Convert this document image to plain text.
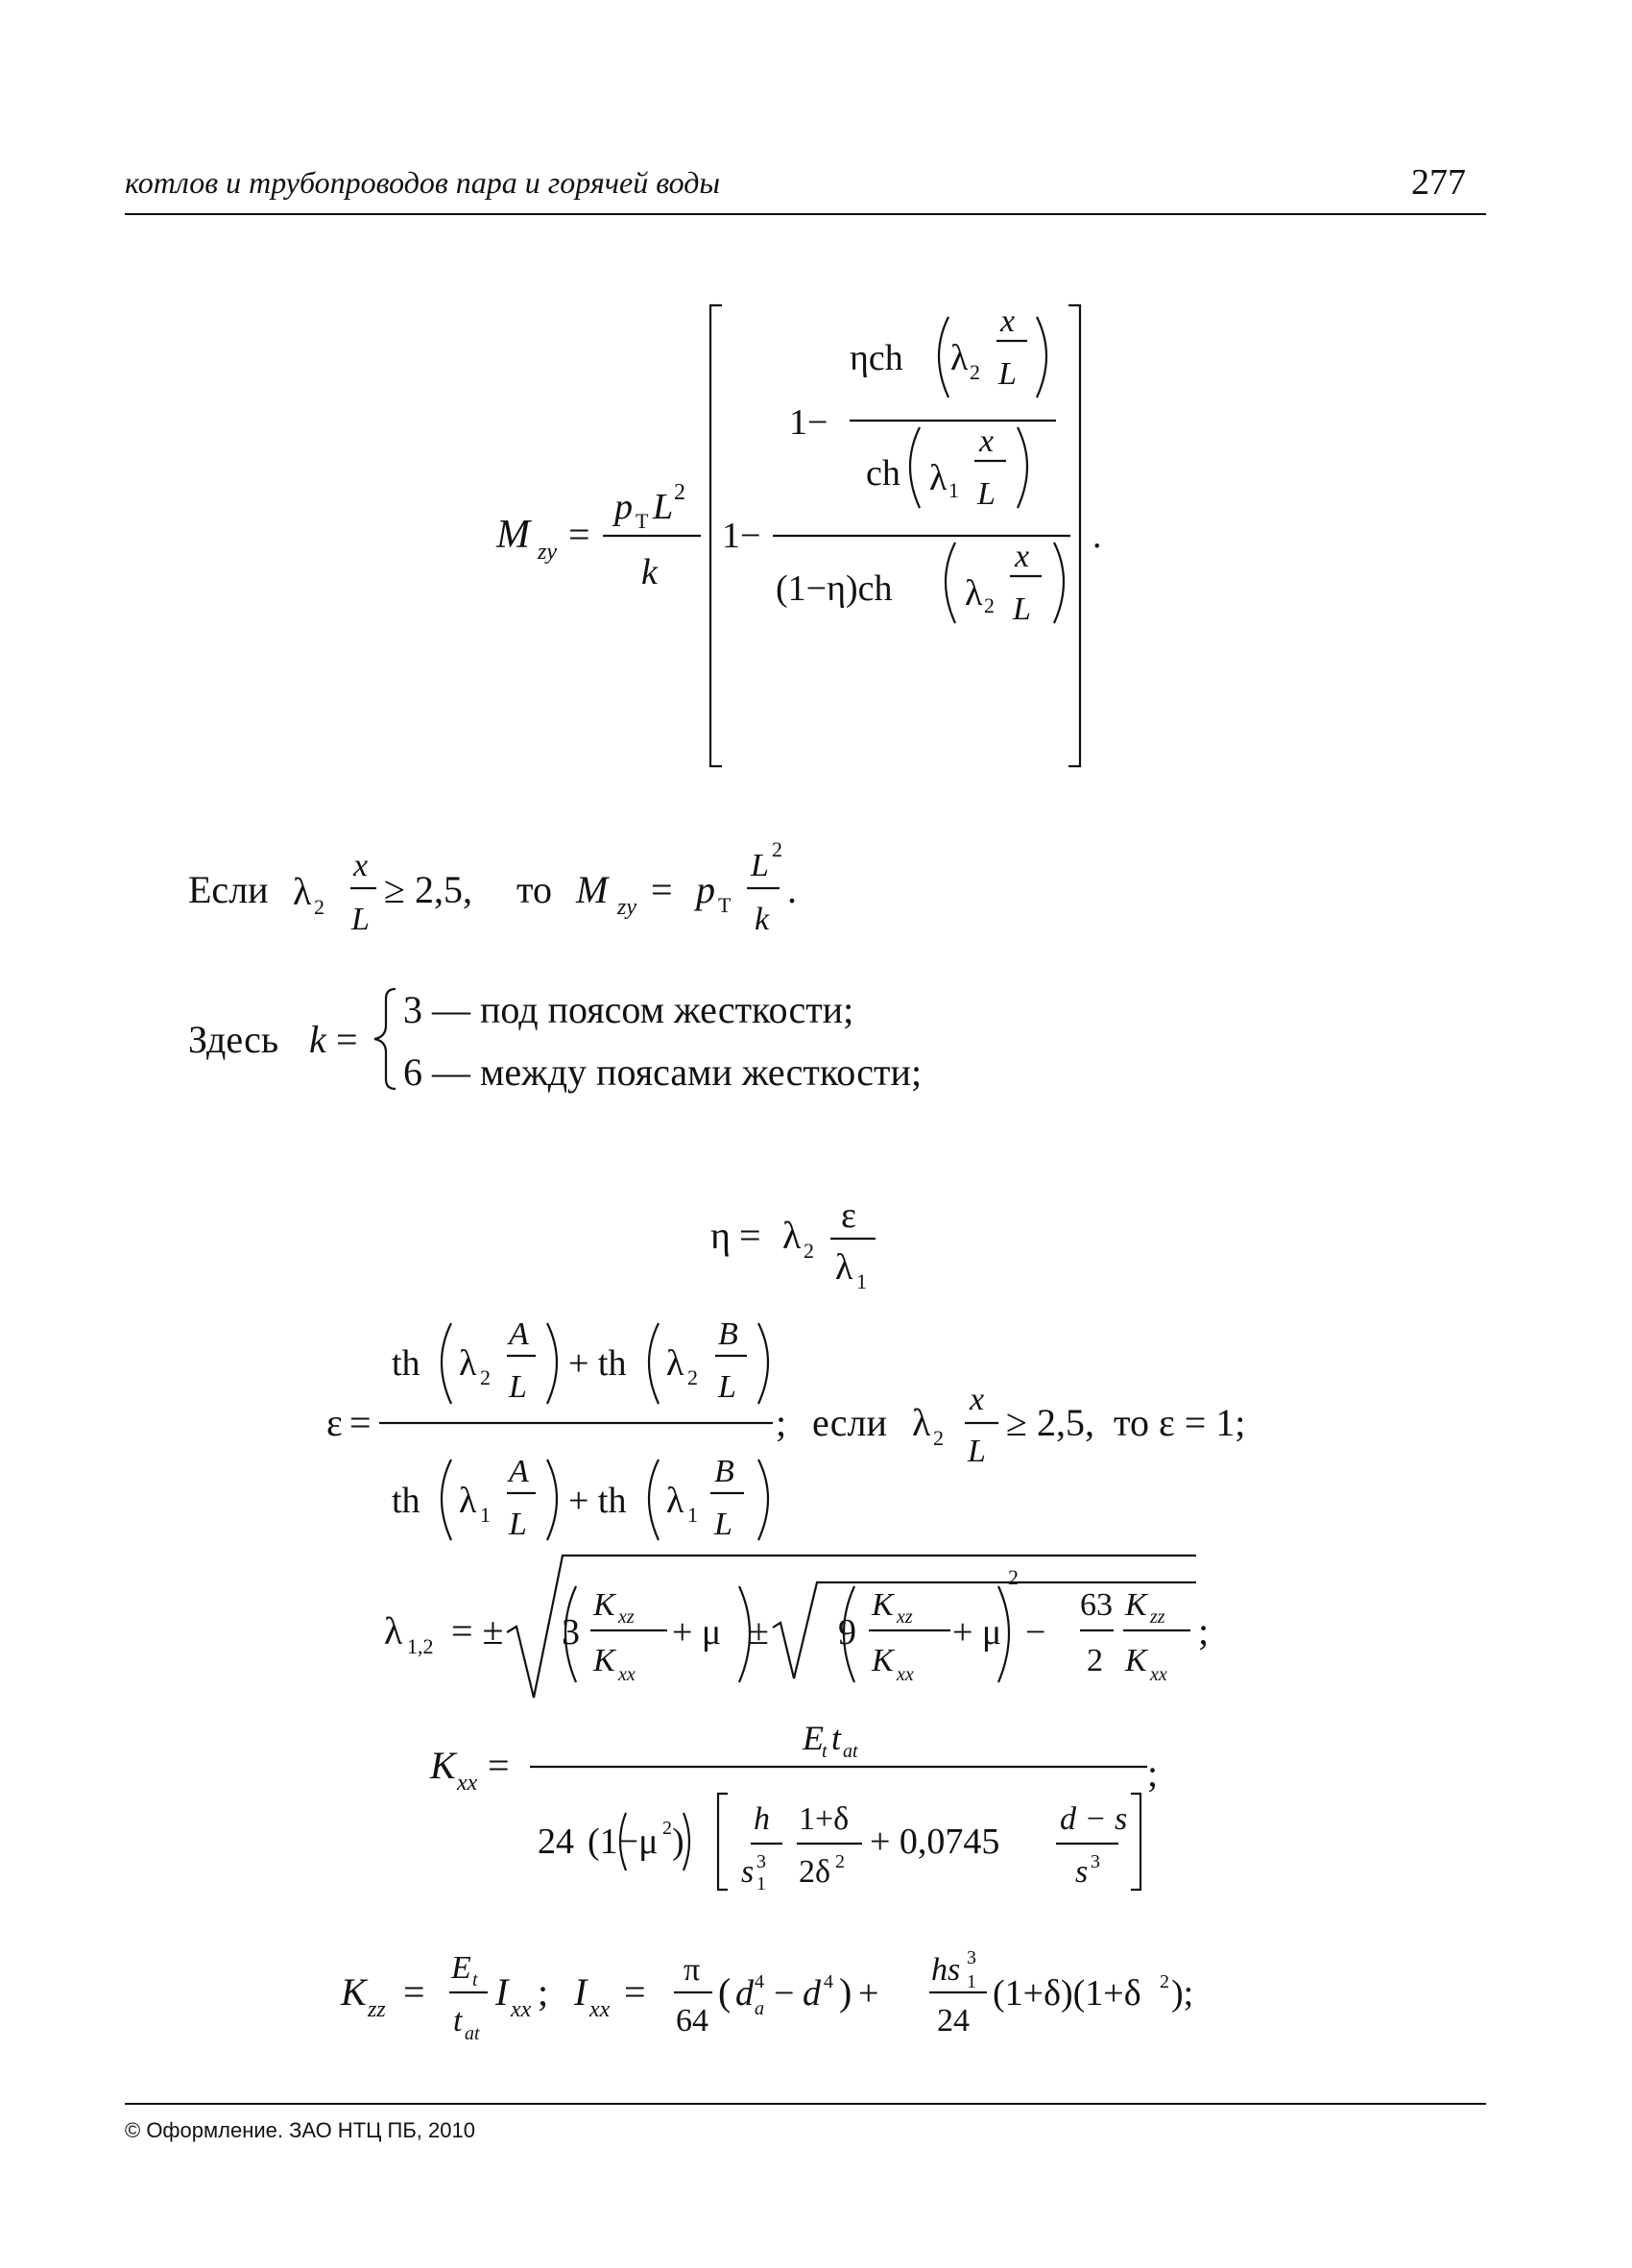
котлов и трубопроводов пара и горячей воды	277
M zy =
p Т L 2
k
1−
1−
ηch λ 2
x
L
ch λ 1
x
L
(1−η)ch λ 2
x
L
.
Если λ 2
x
L
≥ 2,5, то M zy = p Т
L 2
k
.
Здесь k =
3 — под поясом жесткости;
6 — между поясами жесткости;
η = λ 2
ε
λ 1
ε =
th λ 2
A
L
+ th λ 2
B
L
th λ 1
A
L
+ th λ 1
B
L
; если λ 2
x
L
≥ 2,5, то ε = 1;
λ 1,2 = ± 3
K xz
K xx
+ μ ± 9
K xz
K xx
+ μ
2
−
63
2
K zz
K xx
;
K xx =
E
t t at
24 (1−μ 2 )
h
s 1
3
1+δ
2δ 2 + 0,0745
d − s
s 3
;
K zz =
E t
t at
I xx ; I xx =
π
64
( d a
4 − d 4 ) +
hs 1
3
24
(1+δ)(1+δ 2 );
© Оформление. ЗАО НТЦ ПБ, 2010
